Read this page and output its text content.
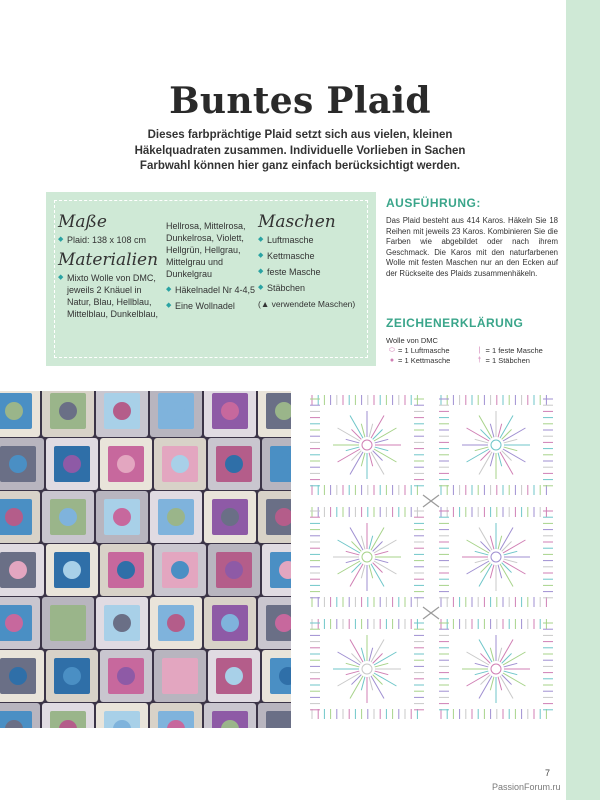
Buntes Plaid

Dieses farbprächtige Plaid setzt sich aus vielen, kleinen Häkelquadraten zusammen. Individuelle Vorlieben in Sachen Farbwahl können hier ganz einfach berücksichtigt werden.

Maße
◆ Plaid: 138 x 108 cm
Materialien
◆ Mixto Wolle von DMC, jeweils 2 Knäuel in Natur, Blau, Hellblau, Mittelblau, Dunkelblau,
Hellrosa, Mittelrosa, Dunkelrosa, Violett, Hellgrün, Hellgrau, Mittelgrau und Dunkelgrau
◆ Häkelnadel Nr 4-4,5
◆ Eine Wollnadel
Maschen
◆ Luftmasche
◆ Kettmasche
◆ feste Masche
◆ Stäbchen
(▲ verwendete Maschen)
AUSFÜHRUNG:

Das Plaid besteht aus 414 Karos. Häkeln Sie 18 Reihen mit jeweils 23 Karos. Kombinieren Sie die Farben wie abgebildet oder nach ihrem Geschmack. Die Karos mit den naturfarbenen Wolle mit festen Maschen nur an den Ecken auf der Rückseite des Plaids zusammenhäkeln.

ZEICHENERKLÄRUNG
Wolle von DMC
⬭ = 1 Luftmasche	| = 1 feste Masche
● = 1 Kettmasche	† = 1 Stäbchen
7
PassionForum.ru
